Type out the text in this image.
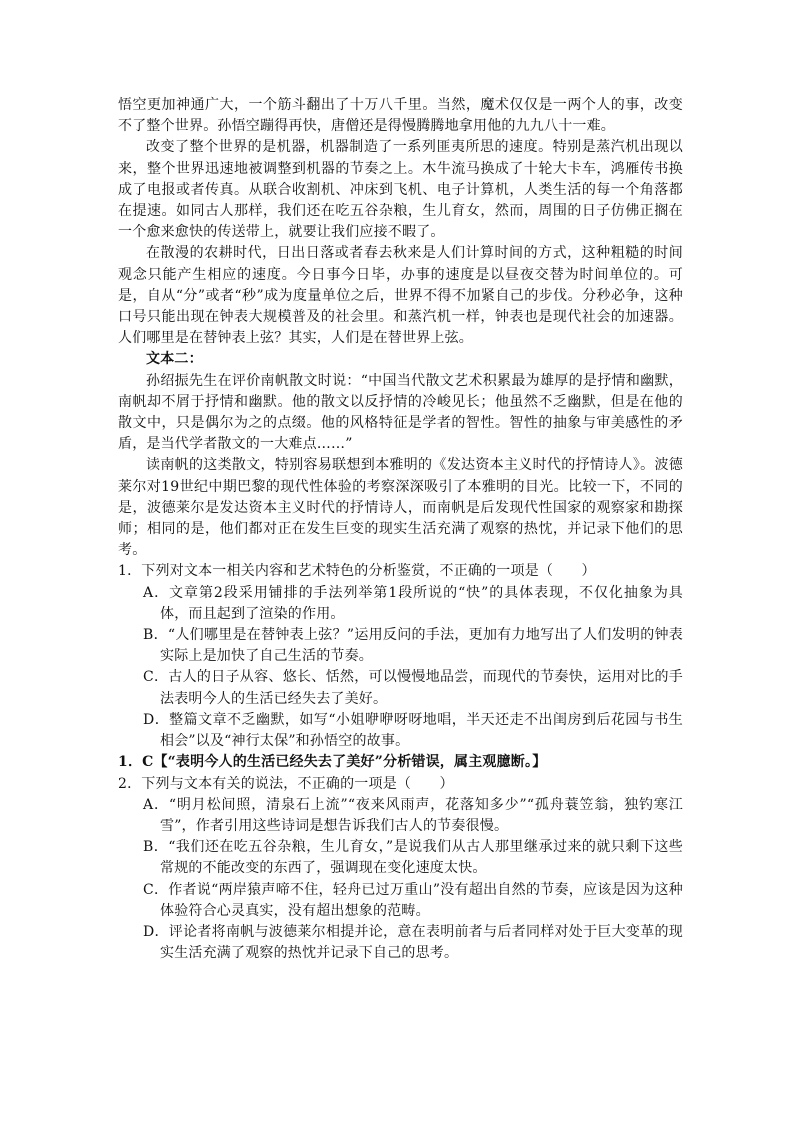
悟空更加神通广大，一个筋斗翻出了十万八千里。当然，魔术仅仅是一两个人的事，改变不了整个世界。孙悟空蹦得再快，唐僧还是得慢腾腾地拿用他的九九八十一难。

改变了整个世界的是机器，机器制造了一系列匪夷所思的速度。特别是蒸汽机出现以来，整个世界迅速地被调整到机器的节奏之上。木牛流马换成了十轮大卡车，鸿雁传书换成了电报或者传真。从联合收割机、冲床到飞机、电子计算机，人类生活的每一个角落都在提速。如同古人那样，我们还在吃五谷杂粮，生儿育女，然而，周围的日子仿佛正搁在一个愈来愈快的传送带上，就要让我们应接不暇了。

在散漫的农耕时代，日出日落或者春去秋来是人们计算时间的方式，这种粗糙的时间观念只能产生相应的速度。今日事今日毕，办事的速度是以昼夜交替为时间单位的。可是，自从“分”或者“秒”成为度量单位之后，世界不得不加紧自己的步伐。分秒必争，这种口号只能出现在钟表大规模普及的社会里。和蒸汽机一样，钟表也是现代社会的加速器。人们哪里是在替钟表上弦？其实，人们是在替世界上弦。

文本二：

孙绍振先生在评价南帆散文时说：“中国当代散文艺术积累最为雄厚的是抒情和幽默，南帆却不屑于抒情和幽默。他的散文以反抒情的冷峻见长；他虽然不乏幽默，但是在他的散文中，只是偶尔为之的点缀。他的风格特征是学者的智性。智性的抽象与审美感性的矛盾，是当代学者散文的一大难点……”

读南帆的这类散文，特别容易联想到本雅明的《发达资本主义时代的抒情诗人》。波德莱尔对19世纪中期巴黎的现代性体验的考察深深吸引了本雅明的目光。比较一下，不同的是，波德莱尔是发达资本主义时代的抒情诗人，而南帆是后发现代性国家的观察家和勘探师；相同的是，他们都对正在发生巨变的现实生活充满了观察的热忱，并记录下他们的思考。

1．下列对文本一相关内容和艺术特色的分析鉴赏，不正确的一项是（　　）

A．文章第2段采用铺排的手法列举第1段所说的“快”的具体表现，不仅化抽象为具体，而且起到了渲染的作用。

B．“人们哪里是在替钟表上弦？”运用反问的手法，更加有力地写出了人们发明的钟表实际上是加快了自己生活的节奏。

C．古人的日子从容、悠长、恬然，可以慢慢地品尝，而现代的节奏快，运用对比的手法表明今人的生活已经失去了美好。

D．整篇文章不乏幽默，如写“小姐咿咿呀呀地唱，半天还走不出闺房到后花园与书生相会”以及“神行太保”和孙悟空的故事。

1．C【“表明今人的生活已经失去了美好”分析错误，属主观臆断。】

2．下列与文本有关的说法，不正确的一项是（　　）

A．“明月松间照，清泉石上流”“夜来风雨声，花落知多少”“孤舟蓑笠翁，独钓寒江雪”，作者引用这些诗词是想告诉我们古人的节奏很慢。

B．“我们还在吃五谷杂粮，生儿育女，”是说我们从古人那里继承过来的就只剩下这些常规的不能改变的东西了，强调现在变化速度太快。

C．作者说“两岸猿声啼不住，轻舟已过万重山”没有超出自然的节奏，应该是因为这种体验符合心灵真实，没有超出想象的范畴。

D．评论者将南帆与波德莱尔相提并论，意在表明前者与后者同样对处于巨大变革的现实生活充满了观察的热忱并记录下自己的思考。
